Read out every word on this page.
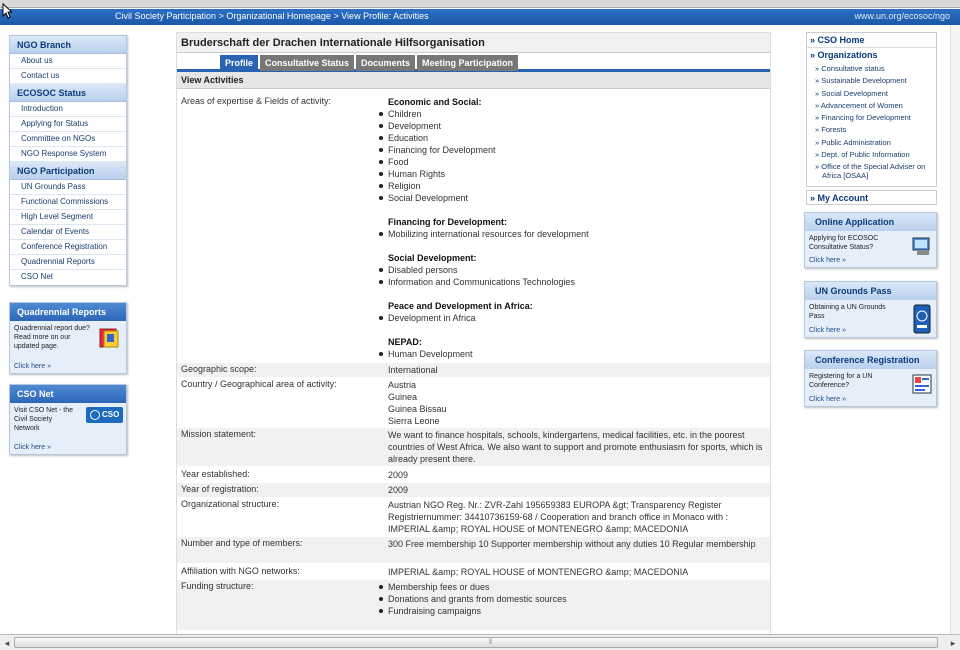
Civil Society Participation > Organizational Homepage > View Profile: Activities	www.un.org/ecosoc/ngo
NGO Branch
About us
Contact us
ECOSOC Status
Introduction
Applying for Status
Committee on NGOs
NGO Response System
NGO Participation
UN Grounds Pass
Functional Commissions
High Level Segment
Calendar of Events
Conference Registration
Quadrennial Reports
CSO Net
Quadrennial Reports
Quadrennial report due? Read more on our updated page.
Click here »
CSO Net
Visit CSO Net - the Civil Society Network
CSO
Click here »
Bruderschaft der Drachen Internationale Hilfsorganisation
Profile	Consultative Status	Documents	Meeting Participation
View Activities
Areas of expertise & Fields of activity:	Economic and Social:
Children
Development
Education
Financing for Development
Food
Human Rights
Religion
Social Development
Financing for Development:
Mobilizing international resources for development
Social Development:
Disabled persons
Information and Communications Technologies
Peace and Development in Africa:
Development in Africa
NEPAD:
Human Development
Geographic scope:	International
Country / Geographical area of activity:	Austria
Guinea
Guinea Bissau
Sierra Leone
Mission statement:	We want to finance hospitals, schools, kindergartens, medical facilities, etc. in the poorest countries of West Africa. We also want to support and promote enthusiasm for sports, which is already present there.
Year established:	2009
Year of registration:	2009
Organizational structure:	Austrian NGO Reg. Nr.: ZVR-Zahl 195659383 EUROPA &gt; Transparency Register Registriernummer: 34410736159-68 / Cooperation and branch office in Monaco with : IMPERIAL &amp; ROYAL HOUSE of MONTENEGRO &amp; MACEDONIA
Number and type of members:	300 Free membership 10 Supporter membership without any duties 10 Regular membership
Affiliation with NGO networks:	IMPERIAL &amp; ROYAL HOUSE of MONTENEGRO &amp; MACEDONIA
Funding structure:	Membership fees or dues
Donations and grants from domestic sources
Fundraising campaigns
» CSO Home
» Organizations
» Consultative status
» Sustainable Development
» Social Development
» Advancement of Women
» Financing for Development
» Forests
» Public Administration
» Dept. of Public Information
» Office of the Special Adviser on Africa [OSAA]
» My Account
Online Application
Applying for ECOSOC Consultative Status?
Click here »
UN Grounds Pass
Obtaining a UN Grounds Pass
Click here »
Conference Registration
Registering for a UN Conference?
Click here »
◂	⦀	▸
